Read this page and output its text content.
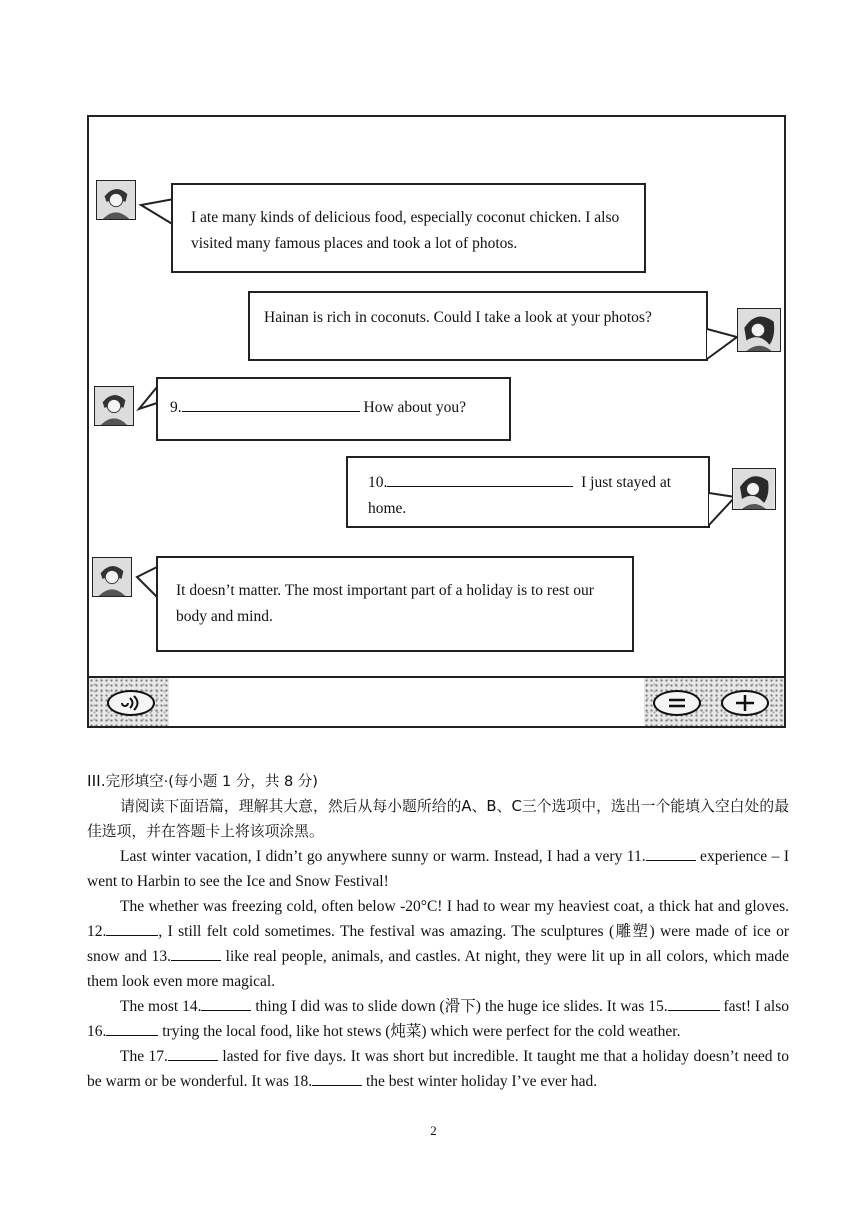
I ate many kinds of delicious food, especially coconut chicken. I also visited many famous places and took a lot of photos.
Hainan is rich in coconuts. Could I take a look at your photos?
9.	How about you?
10.	I just stayed at home.
It doesn’t matter. The most important part of a holiday is to rest our body and mind.
III.完形填空·(每小题 1 分，共 8 分)
请阅读下面语篇，理解其大意，然后从每小题所给的A、B、C三个选项中，选出一个能填入空白处的最佳选项，并在答题卡上将该项涂黑。

Last winter vacation, I didn’t go anywhere sunny or warm. Instead, I had a very 11.	experience – I went to Harbin to see the Ice and Snow Festival!

The whether was freezing cold, often below -20°C! I had to wear my heaviest coat, a thick hat and gloves. 12.	, I still felt cold sometimes. The festival was amazing. The sculptures (雕塑) were made of ice or snow and 13.	like real people, animals, and castles. At night, they were lit up in all colors, which made them look even more magical.

The most 14.	thing I did was to slide down (滑下) the huge ice slides. It was 15.	fast! I also 16.	trying the local food, like hot stews (炖菜) which were perfect for the cold weather.

The 17.	lasted for five days. It was short but incredible. It taught me that a holiday doesn’t need to be warm or be wonderful. It was 18.	the best winter holiday I’ve ever had.

2
